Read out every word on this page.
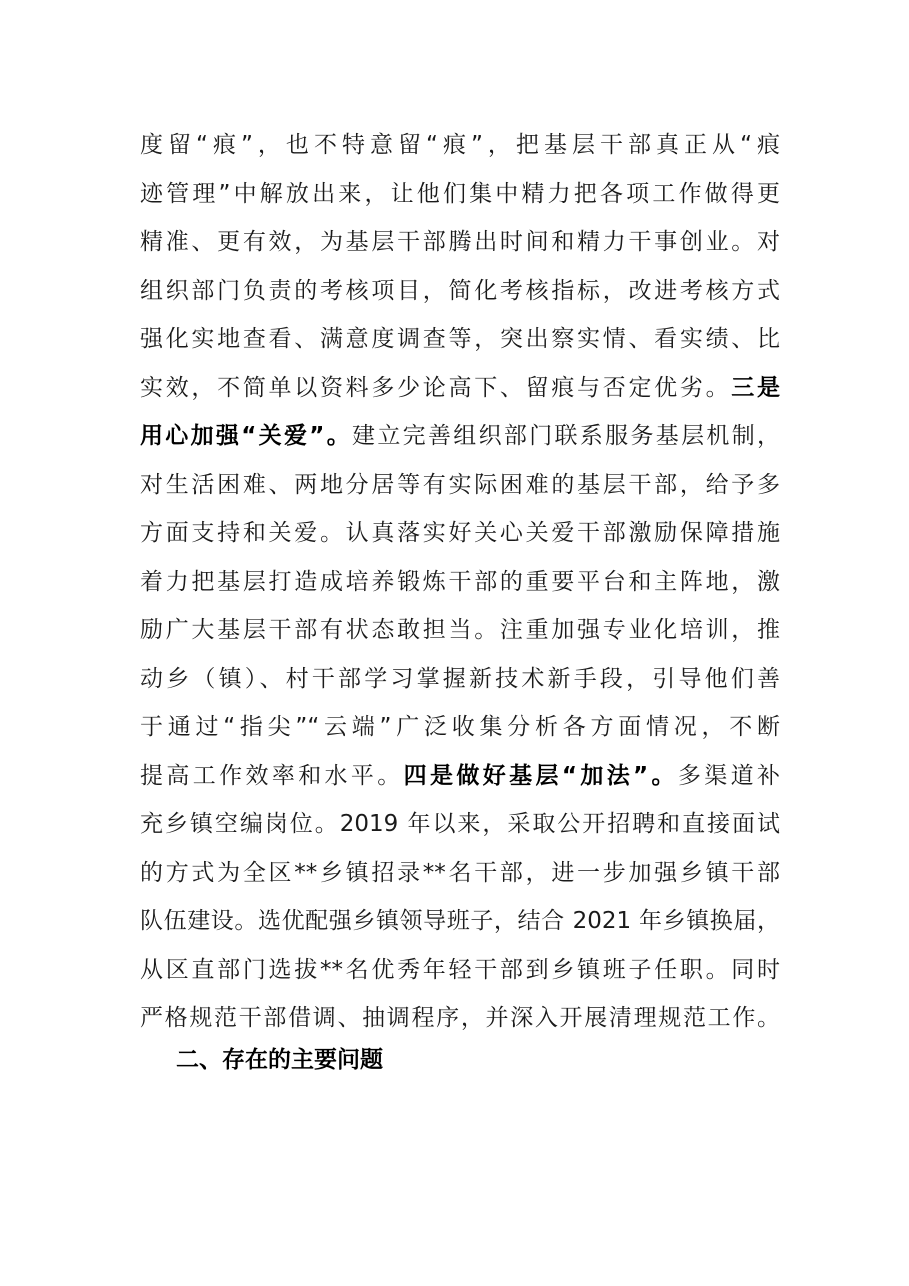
度留“痕”，也不特意留“痕”，把基层干部真正从“痕
迹管理”中解放出来，让他们集中精力把各项工作做得更
精准、更有效，为基层干部腾出时间和精力干事创业。对
组织部门负责的考核项目，简化考核指标，改进考核方式
强化实地查看、满意度调查等，突出察实情、看实绩、比
实效，不简单以资料多少论高下、留痕与否定优劣。三是
用心加强“关爱”。建立完善组织部门联系服务基层机制，
对生活困难、两地分居等有实际困难的基层干部，给予多
方面支持和关爱。认真落实好关心关爱干部激励保障措施
着力把基层打造成培养锻炼干部的重要平台和主阵地，激
励广大基层干部有状态敢担当。注重加强专业化培训，推
动乡（镇）、村干部学习掌握新技术新手段，引导他们善
于通过“指尖”“云端”广泛收集分析各方面情况，不断
提高工作效率和水平。四是做好基层“加法”。多渠道补
充乡镇空编岗位。2019 年以来，采取公开招聘和直接面试
的方式为全区**乡镇招录**名干部，进一步加强乡镇干部
队伍建设。选优配强乡镇领导班子，结合 2021 年乡镇换届，
从区直部门选拔**名优秀年轻干部到乡镇班子任职。同时
严格规范干部借调、抽调程序，并深入开展清理规范工作。
二、存在的主要问题
